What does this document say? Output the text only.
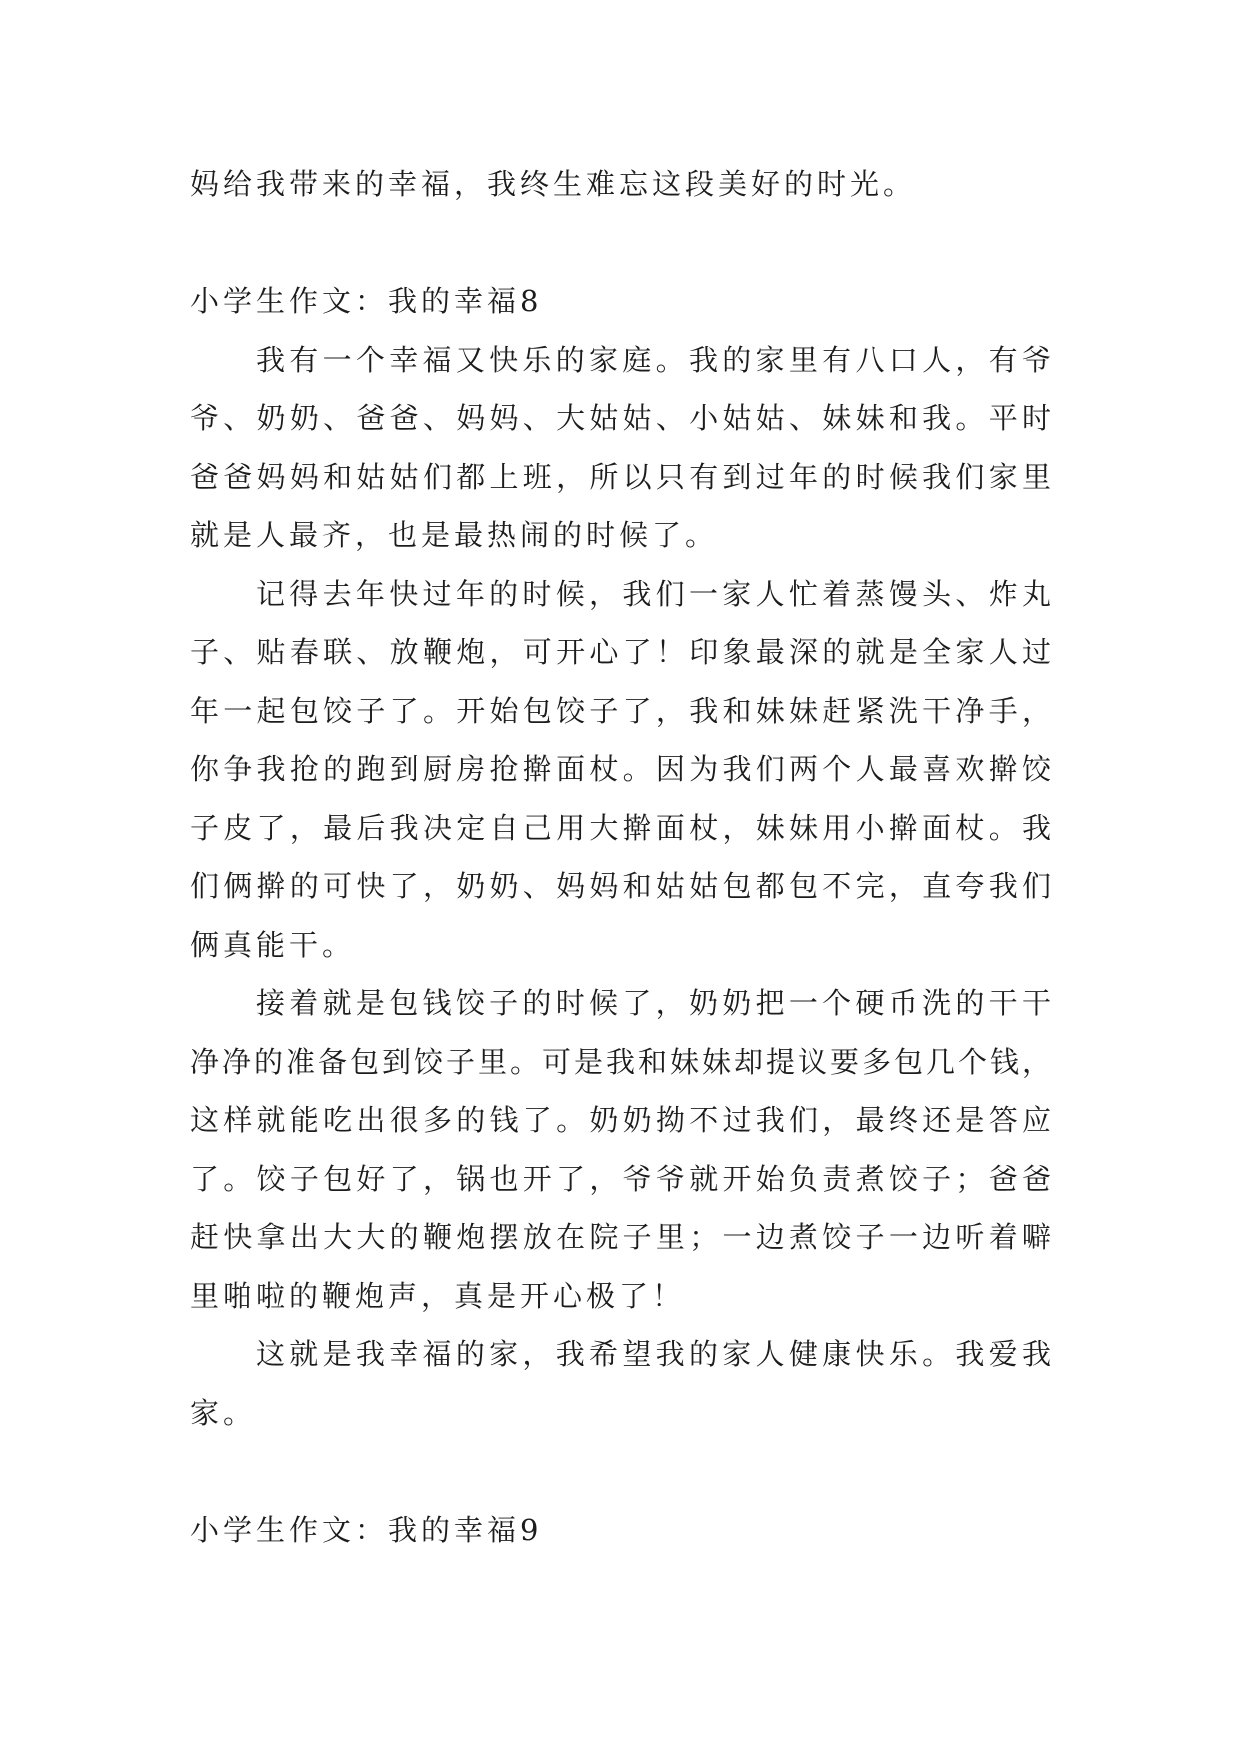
妈给我带来的幸福，我终生难忘这段美好的时光。
小学生作文：我的幸福8
我有一个幸福又快乐的家庭。我的家里有八口人，有爷
爷、奶奶、爸爸、妈妈、大姑姑、小姑姑、妹妹和我。平时
爸爸妈妈和姑姑们都上班，所以只有到过年的时候我们家里
就是人最齐，也是最热闹的时候了。
记得去年快过年的时候，我们一家人忙着蒸馒头、炸丸
子、贴春联、放鞭炮，可开心了！印象最深的就是全家人过
年一起包饺子了。开始包饺子了，我和妹妹赶紧洗干净手，
你争我抢的跑到厨房抢擀面杖。因为我们两个人最喜欢擀饺
子皮了，最后我决定自己用大擀面杖，妹妹用小擀面杖。我
们俩擀的可快了，奶奶、妈妈和姑姑包都包不完，直夸我们
俩真能干。
接着就是包钱饺子的时候了，奶奶把一个硬币洗的干干
净净的准备包到饺子里。可是我和妹妹却提议要多包几个钱，
这样就能吃出很多的钱了。奶奶拗不过我们，最终还是答应
了。饺子包好了，锅也开了，爷爷就开始负责煮饺子；爸爸
赶快拿出大大的鞭炮摆放在院子里；一边煮饺子一边听着噼
里啪啦的鞭炮声，真是开心极了！
这就是我幸福的家，我希望我的家人健康快乐。我爱我
家。
小学生作文：我的幸福9
